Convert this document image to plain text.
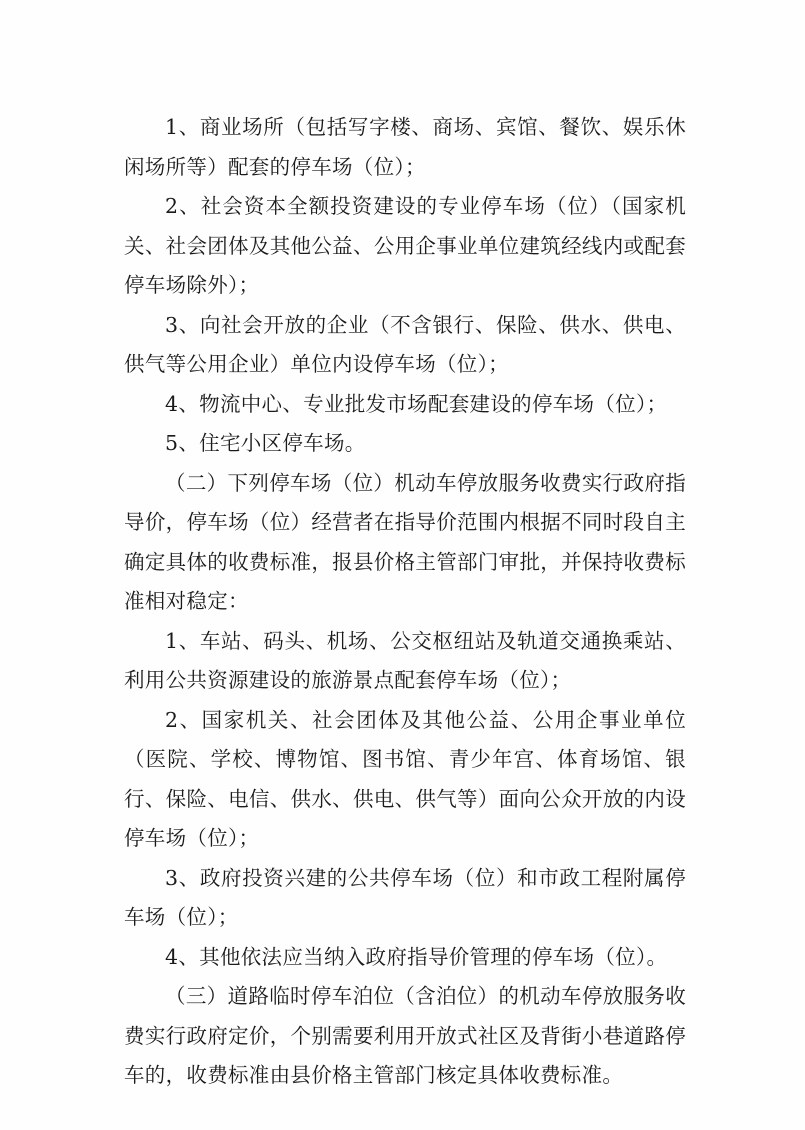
1、商业场所（包括写字楼、商场、宾馆、餐饮、娱乐休闲场所等）配套的停车场（位）；

2、社会资本全额投资建设的专业停车场（位）（国家机关、社会团体及其他公益、公用企事业单位建筑经线内或配套停车场除外）；

3、向社会开放的企业（不含银行、保险、供水、供电、供气等公用企业）单位内设停车场（位）；

4、物流中心、专业批发市场配套建设的停车场（位）；

5、住宅小区停车场。

（二）下列停车场（位）机动车停放服务收费实行政府指导价，停车场（位）经营者在指导价范围内根据不同时段自主确定具体的收费标准，报县价格主管部门审批，并保持收费标准相对稳定：

1、车站、码头、机场、公交枢纽站及轨道交通换乘站、利用公共资源建设的旅游景点配套停车场（位）；

2、国家机关、社会团体及其他公益、公用企事业单位（医院、学校、博物馆、图书馆、青少年宫、体育场馆、银行、保险、电信、供水、供电、供气等）面向公众开放的内设停车场（位）；

3、政府投资兴建的公共停车场（位）和市政工程附属停车场（位）；

4、其他依法应当纳入政府指导价管理的停车场（位）。

（三）道路临时停车泊位（含泊位）的机动车停放服务收费实行政府定价，个别需要利用开放式社区及背街小巷道路停车的，收费标准由县价格主管部门核定具体收费标准。
